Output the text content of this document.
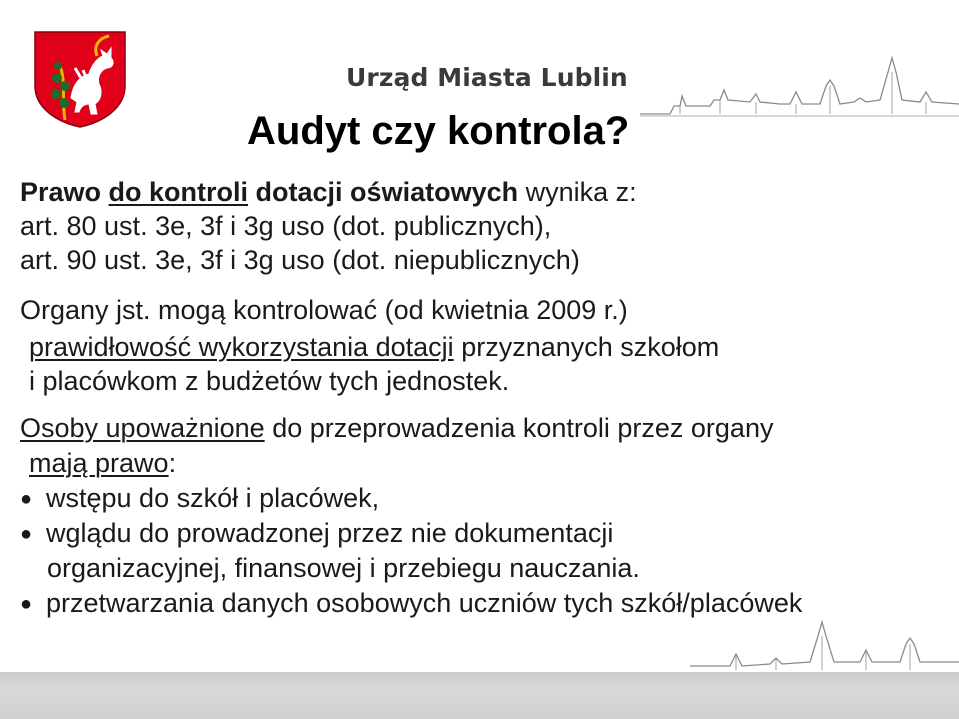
Urząd Miasta Lublin
Audyt czy kontrola?
Prawo do kontroli dotacji oświatowych wynika z:
art. 80 ust. 3e, 3f i 3g uso (dot. publicznych),
art. 90 ust. 3e, 3f i 3g uso (dot. niepublicznych)
Organy jst. mogą kontrolować (od kwietnia 2009 r.)
prawidłowość wykorzystania dotacji przyznanych szkołom
i placówkom z budżetów tych jednostek.
Osoby upoważnione do przeprowadzenia kontroli przez organy
mają prawo:
● wstępu do szkół i placówek,
● wglądu do prowadzonej przez nie dokumentacji
organizacyjnej, finansowej i przebiegu nauczania.
● przetwarzania danych osobowych uczniów tych szkół/placówek
